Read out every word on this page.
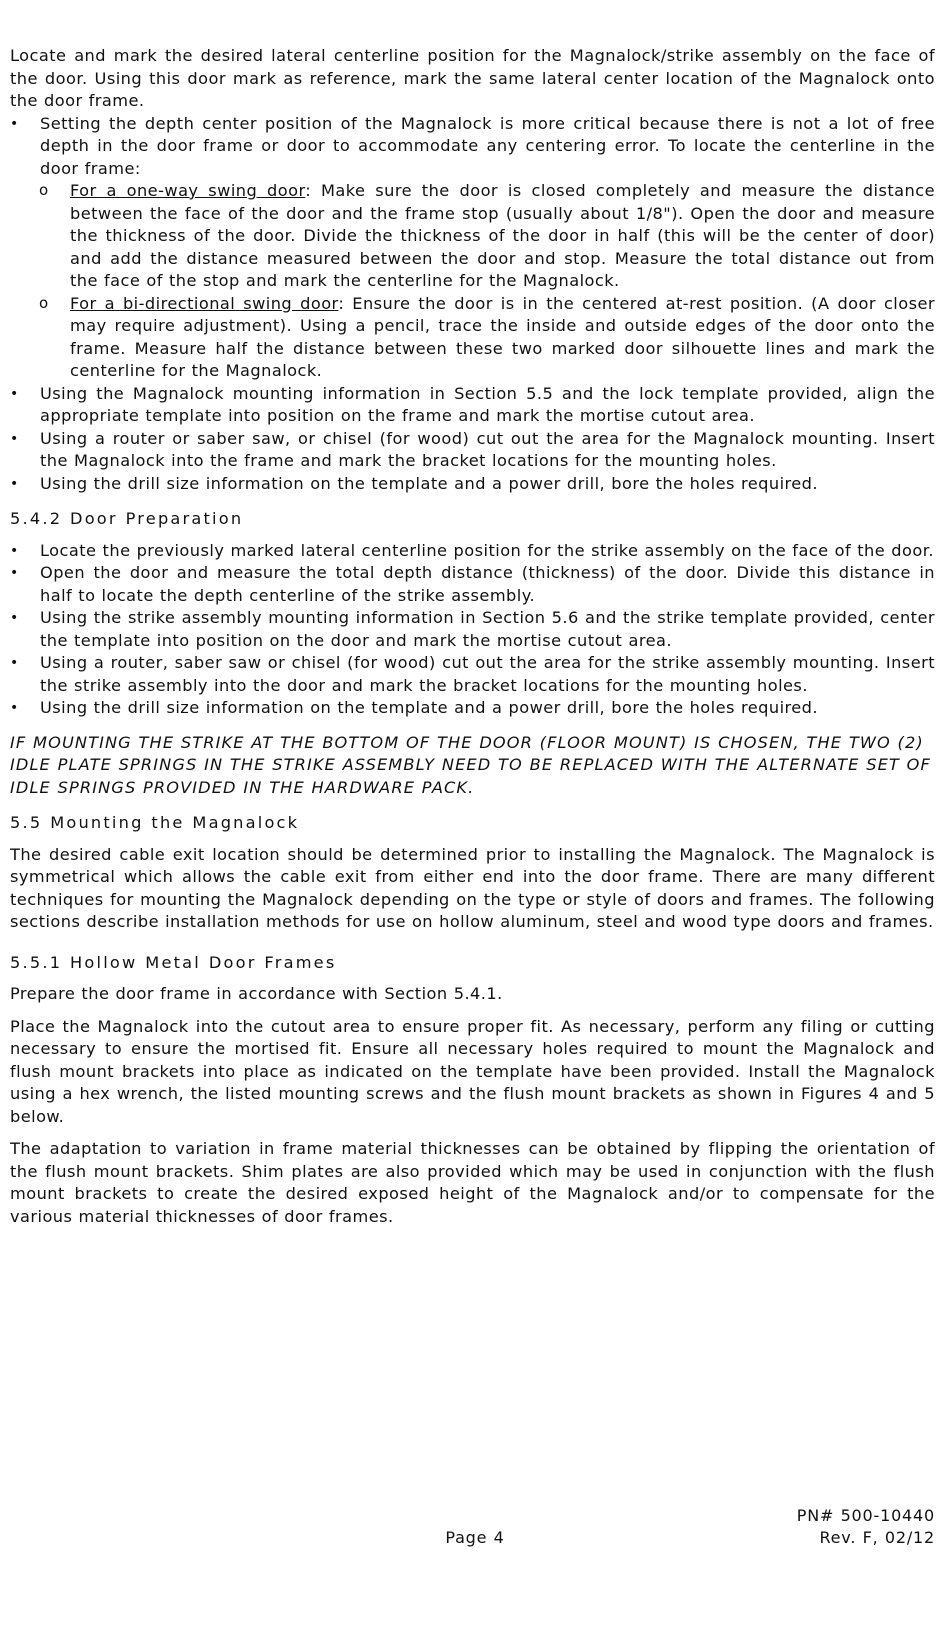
Locate and mark the desired lateral centerline position for the Magnalock/strike assembly on the face of the door. Using this door mark as reference, mark the same lateral center location of the Magnalock onto the door frame.

• Setting the depth center position of the Magnalock is more critical because there is not a lot of free depth in the door frame or door to accommodate any centering error. To locate the centerline in the door frame:
o For a one-way swing door: Make sure the door is closed completely and measure the distance between the face of the door and the frame stop (usually about 1/8"). Open the door and measure the thickness of the door. Divide the thickness of the door in half (this will be the center of door) and add the distance measured between the door and stop. Measure the total distance out from the face of the stop and mark the centerline for the Magnalock.
o For a bi-directional swing door: Ensure the door is in the centered at-rest position. (A door closer may require adjustment). Using a pencil, trace the inside and outside edges of the door onto the frame. Measure half the distance between these two marked door silhouette lines and mark the centerline for the Magnalock.
• Using the Magnalock mounting information in Section 5.5 and the lock template provided, align the appropriate template into position on the frame and mark the mortise cutout area.
• Using a router or saber saw, or chisel (for wood) cut out the area for the Magnalock mounting. Insert the Magnalock into the frame and mark the bracket locations for the mounting holes.
• Using the drill size information on the template and a power drill, bore the holes required.
5.4.2 Door Preparation
• Locate the previously marked lateral centerline position for the strike assembly on the face of the door.
• Open the door and measure the total depth distance (thickness) of the door. Divide this distance in half to locate the depth centerline of the strike assembly.
• Using the strike assembly mounting information in Section 5.6 and the strike template provided, center the template into position on the door and mark the mortise cutout area.
• Using a router, saber saw or chisel (for wood) cut out the area for the strike assembly mounting. Insert the strike assembly into the door and mark the bracket locations for the mounting holes.
• Using the drill size information on the template and a power drill, bore the holes required.

IF MOUNTING THE STRIKE AT THE BOTTOM OF THE DOOR (FLOOR MOUNT) IS CHOSEN, THE TWO (2) IDLE PLATE SPRINGS IN THE STRIKE ASSEMBLY NEED TO BE REPLACED WITH THE ALTERNATE SET OF IDLE SPRINGS PROVIDED IN THE HARDWARE PACK.

5.5 Mounting the Magnalock

The desired cable exit location should be determined prior to installing the Magnalock. The Magnalock is symmetrical which allows the cable exit from either end into the door frame. There are many different techniques for mounting the Magnalock depending on the type or style of doors and frames. The following sections describe installation methods for use on hollow aluminum, steel and wood type doors and frames.

5.5.1 Hollow Metal Door Frames

Prepare the door frame in accordance with Section 5.4.1.

Place the Magnalock into the cutout area to ensure proper fit. As necessary, perform any filing or cutting necessary to ensure the mortised fit. Ensure all necessary holes required to mount the Magnalock and flush mount brackets into place as indicated on the template have been provided. Install the Magnalock using a hex wrench, the listed mounting screws and the flush mount brackets as shown in Figures 4 and 5 below.

The adaptation to variation in frame material thicknesses can be obtained by flipping the orientation of the flush mount brackets. Shim plates are also provided which may be used in conjunction with the flush mount brackets to create the desired exposed height of the Magnalock and/or to compensate for the various material thicknesses of door frames.

PN# 500-10440
Page 4	Rev. F, 02/12
